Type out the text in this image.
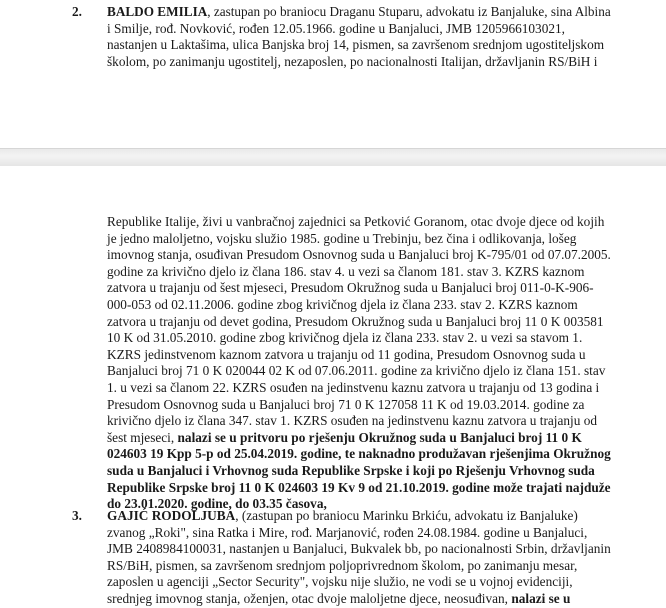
2. BALDO EMILIA, zastupan po braniocu Draganu Stuparu, advokatu iz Banjaluke, sina Albina
i Smilje, rođ. Novković, rođen 12.05.1966. godine u Banjaluci, JMB 1205966103021,
nastanjen u Laktašima, ulica Banjska broj 14, pismen, sa završenom srednjom ugostiteljskom
školom, po zanimanju ugostitelj, nezaposlen, po nacionalnosti Italijan, državljanin RS/BiH i
Republike Italije, živi u vanbračnoj zajednici sa Petković Goranom, otac dvoje djece od kojih
je jedno maloljetno, vojsku služio 1985. godine u Trebinju, bez čina i odlikovanja, lošeg
imovnog stanja, osuđivan Presudom Osnovnog suda u Banjaluci broj K-795/01 od 07.07.2005.
godine za krivično djelo iz člana 186. stav 4. u vezi sa članom 181. stav 3. KZRS kaznom
zatvora u trajanju od šest mjeseci, Presudom Okružnog suda u Banjaluci broj 011-0-K-906-
000-053 od 02.11.2006. godine zbog krivičnog djela iz člana 233. stav 2. KZRS kaznom
zatvora u trajanju od devet godina, Presudom Okružnog suda u Banjaluci broj 11 0 K 003581
10 K od 31.05.2010. godine zbog krivičnog djela iz člana 233. stav 2. u vezi sa stavom 1.
KZRS jedinstvenom kaznom zatvora u trajanju od 11 godina, Presudom Osnovnog suda u
Banjaluci broj 71 0 K 020044 02 K od 07.06.2011. godine za krivično djelo iz člana 151. stav
1. u vezi sa članom 22. KZRS osuđen na jedinstvenu kaznu zatvora u trajanju od 13 godina i
Presudom Osnovnog suda u Banjaluci broj 71 0 K 127058 11 K od 19.03.2014. godine za
krivično djelo iz člana 347. stav 1. KZRS osuđen na jedinstvenu kaznu zatvora u trajanju od
šest mjeseci, nalazi se u pritvoru po rješenju Okružnog suda u Banjaluci broj 11 0 K
024603 19 Kpp 5-p od 25.04.2019. godine, te naknadno produžavan rješenjima Okružnog
suda u Banjaluci i Vrhovnog suda Republike Srpske i koji po Rješenju Vrhovnog suda
Republike Srpske broj 11 0 K 024603 19 Kv 9 od 21.10.2019. godine može trajati najduže
do 23.01.2020. godine, do 03.35 časova,
3. GAJIĆ RODOLJUBA, (zastupan po braniocu Marinku Brkiću, advokatu iz Banjaluke)
zvanog „Roki", sina Ratka i Mire, rođ. Marjanović, rođen 24.08.1984. godine u Banjaluci,
JMB 2408984100031, nastanjen u Banjaluci, Bukvalek bb, po nacionalnosti Srbin, državljanin
RS/BiH, pismen, sa završenom srednjom poljoprivrednom školom, po zanimanju mesar,
zaposlen u agenciji „Sector Security", vojsku nije služio, ne vodi se u vojnoj evidenciji,
srednjeg imovnog stanja, oženjen, otac dvoje maloljetne djece, neosuđivan, nalazi se u
